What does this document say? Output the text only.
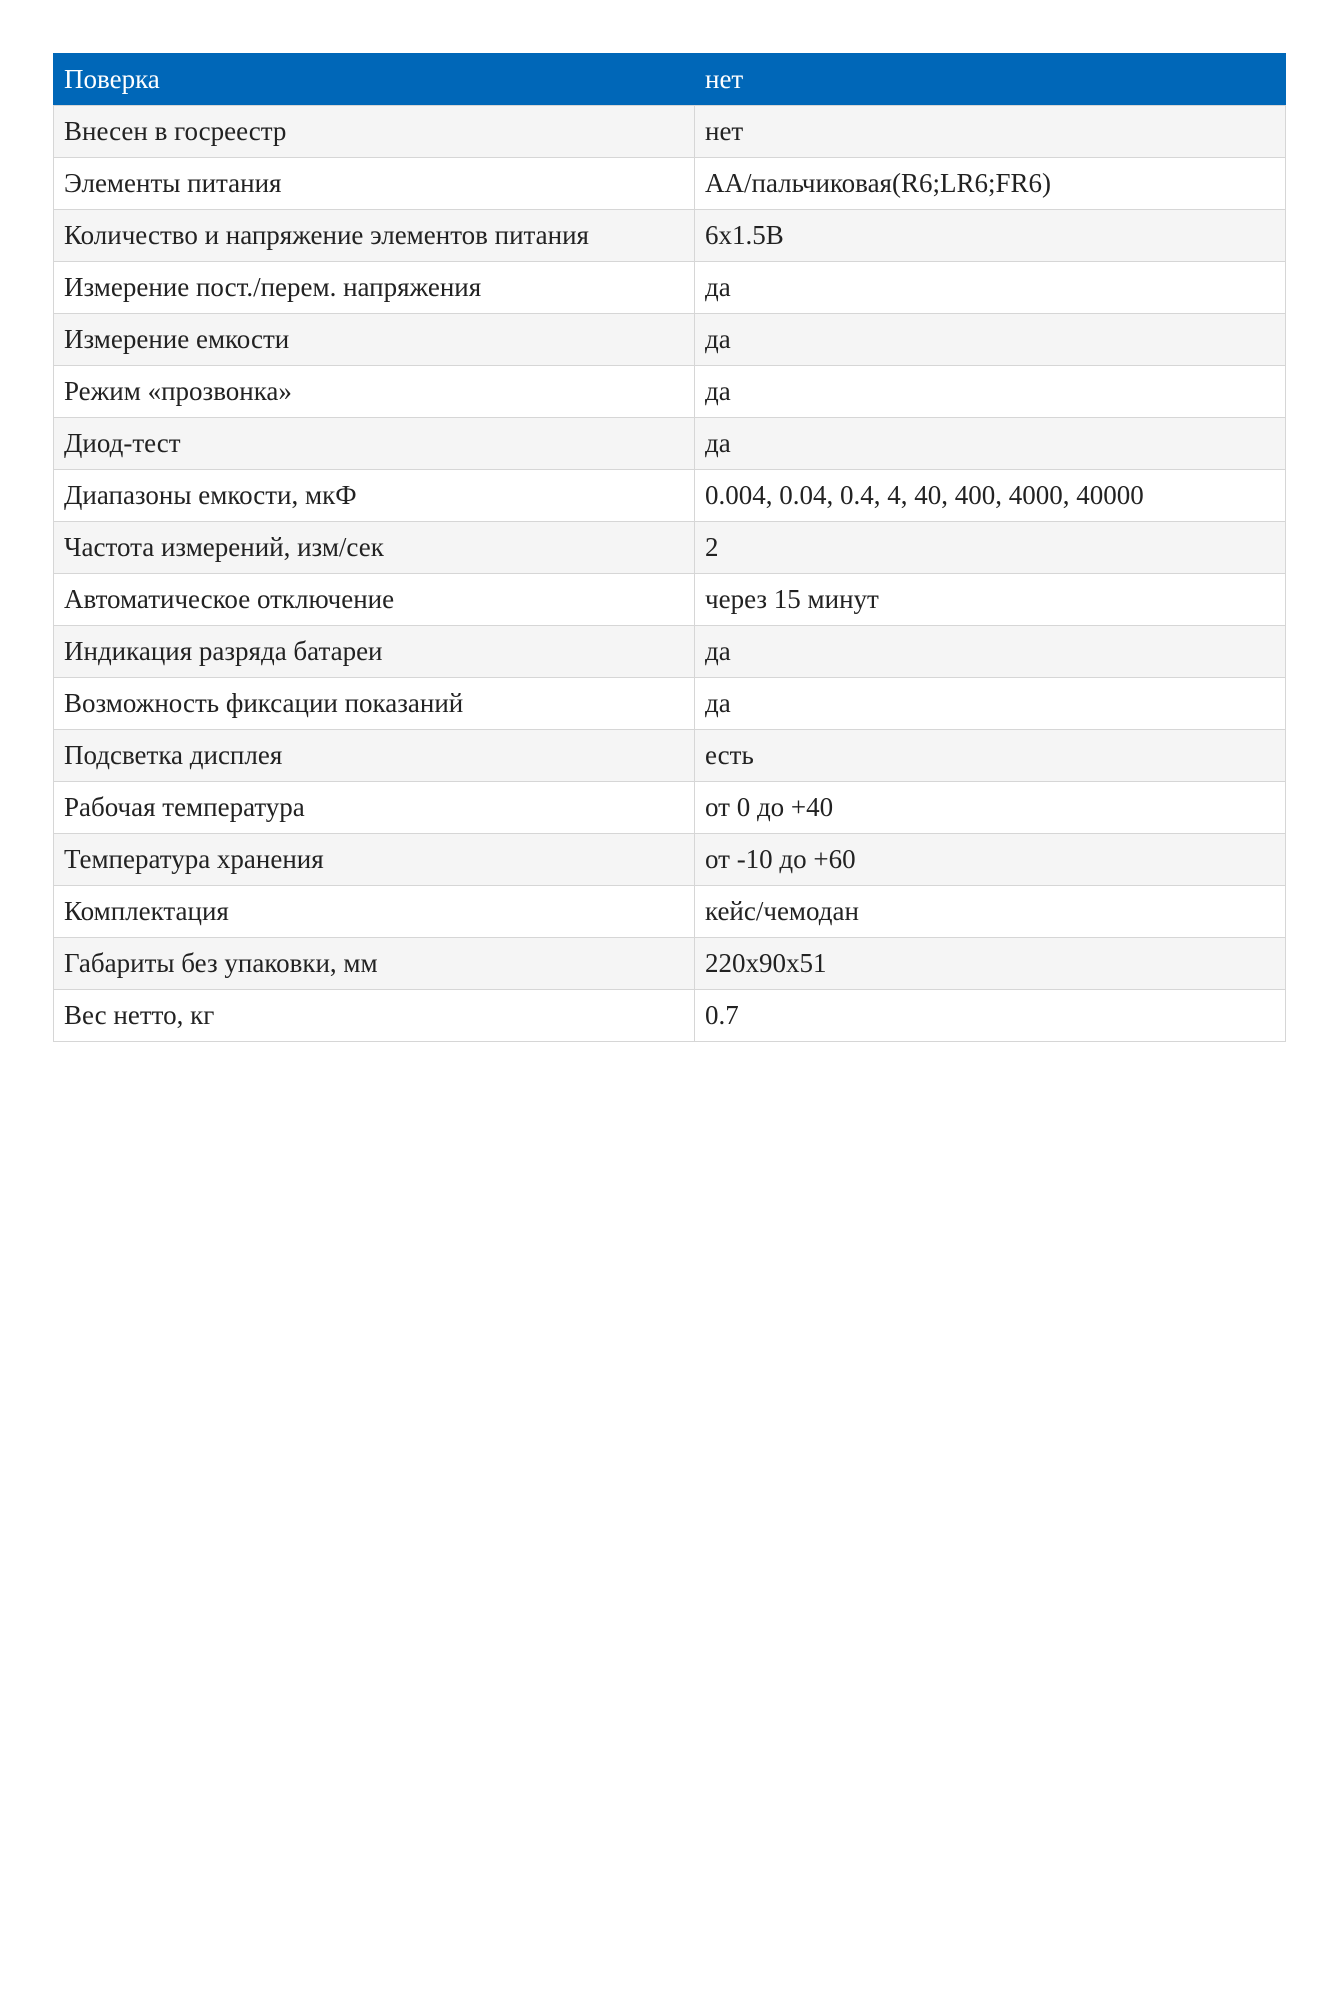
Поверка	нет
Внесен в госреестр	нет
Элементы питания	AA/пальчиковая(R6;LR6;FR6)
Количество и напряжение элементов питания	6x1.5В
Измерение пост./перем. напряжения	да
Измерение емкости	да
Режим «прозвонка»	да
Диод-тест	да
Диапазоны емкости, мкФ	0.004, 0.04, 0.4, 4, 40, 400, 4000, 40000
Частота измерений, изм/сек	2
Автоматическое отключение	через 15 минут
Индикация разряда батареи	да
Возможность фиксации показаний	да
Подсветка дисплея	есть
Рабочая температура	от 0 до +40
Температура хранения	от -10 до +60
Комплектация	кейс/чемодан
Габариты без упаковки, мм	220x90x51
Вес нетто, кг	0.7
